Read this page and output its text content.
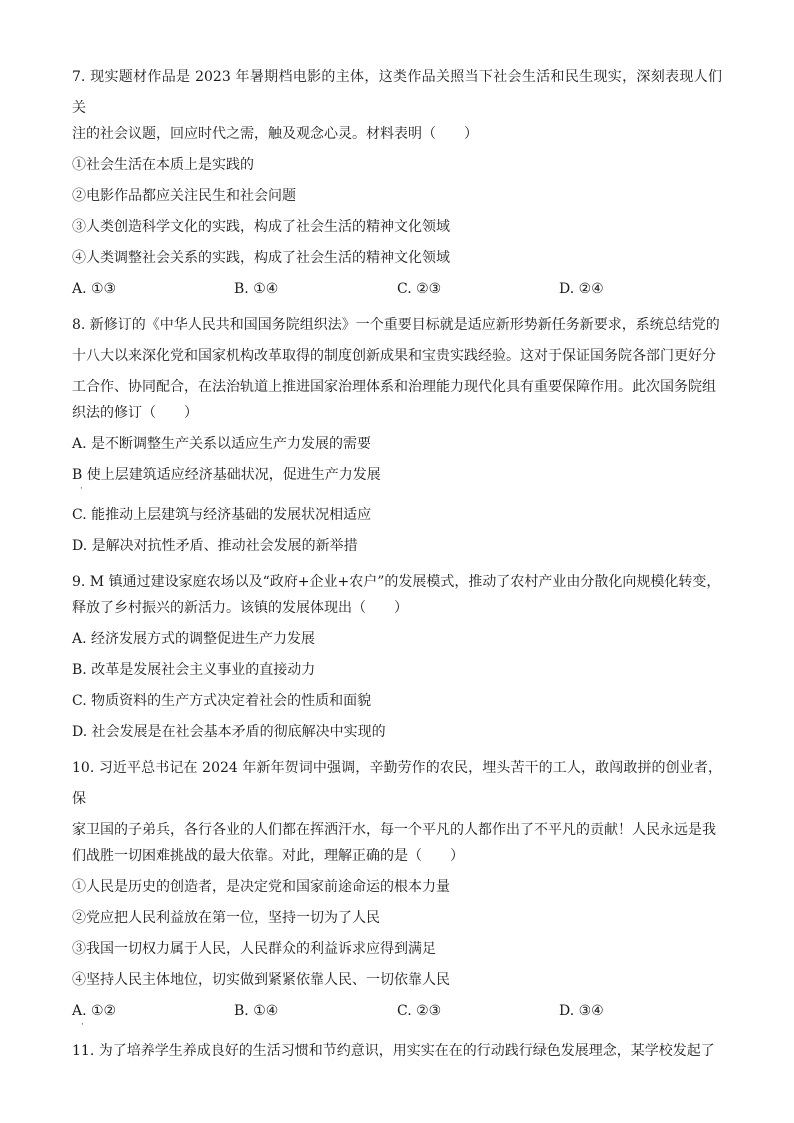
7. 现实题材作品是 2023 年暑期档电影的主体，这类作品关照当下社会生活和民生现实，深刻表现人们关
注的社会议题，回应时代之需，触及观念心灵。材料表明（　　）
①社会生活在本质上是实践的
②电影作品都应关注民生和社会问题
③人类创造科学文化的实践，构成了社会生活的精神文化领域
④人类调整社会关系的实践，构成了社会生活的精神文化领域
A. ①③	B. ①④	C. ②③	D. ②④
8. 新修订的《中华人民共和国国务院组织法》一个重要目标就是适应新形势新任务新要求，系统总结党的
十八大以来深化党和国家机构改革取得的制度创新成果和宝贵实践经验。这对于保证国务院各部门更好分
工合作、协同配合，在法治轨道上推进国家治理体系和治理能力现代化具有重要保障作用。此次国务院组
织法的修订（　　）
A. 是不断调整生产关系以适应生产力发展的需要
B 使上层建筑适应经济基础状况，促进生产力发展
·
C. 能推动上层建筑与经济基础的发展状况相适应
D. 是解决对抗性矛盾、推动社会发展的新举措
9. M 镇通过建设家庭农场以及“政府+企业+农户”的发展模式，推动了农村产业由分散化向规模化转变，
释放了乡村振兴的新活力。该镇的发展体现出（　　）
A. 经济发展方式的调整促进生产力发展
B. 改革是发展社会主义事业的直接动力
C. 物质资料的生产方式决定着社会的性质和面貌
D. 社会发展是在社会基本矛盾的彻底解决中实现的
10. 习近平总书记在 2024 年新年贺词中强调，辛勤劳作的农民，埋头苦干的工人，敢闯敢拼的创业者，保
家卫国的子弟兵，各行各业的人们都在挥洒汗水，每一个平凡的人都作出了不平凡的贡献！人民永远是我
们战胜一切困难挑战的最大依靠。对此，理解正确的是（　　）
①人民是历史的创造者，是决定党和国家前途命运的根本力量
②党应把人民利益放在第一位，坚持一切为了人民
③我国一切权力属于人民，人民群众的利益诉求应得到满足
④坚持人民主体地位，切实做到紧紧依靠人民、一切依靠人民
A. ①②	B. ①④	C. ②③	D. ③④
·
11. 为了培养学生养成良好的生活习惯和节约意识，用实实在在的行动践行绿色发展理念，某学校发起了
